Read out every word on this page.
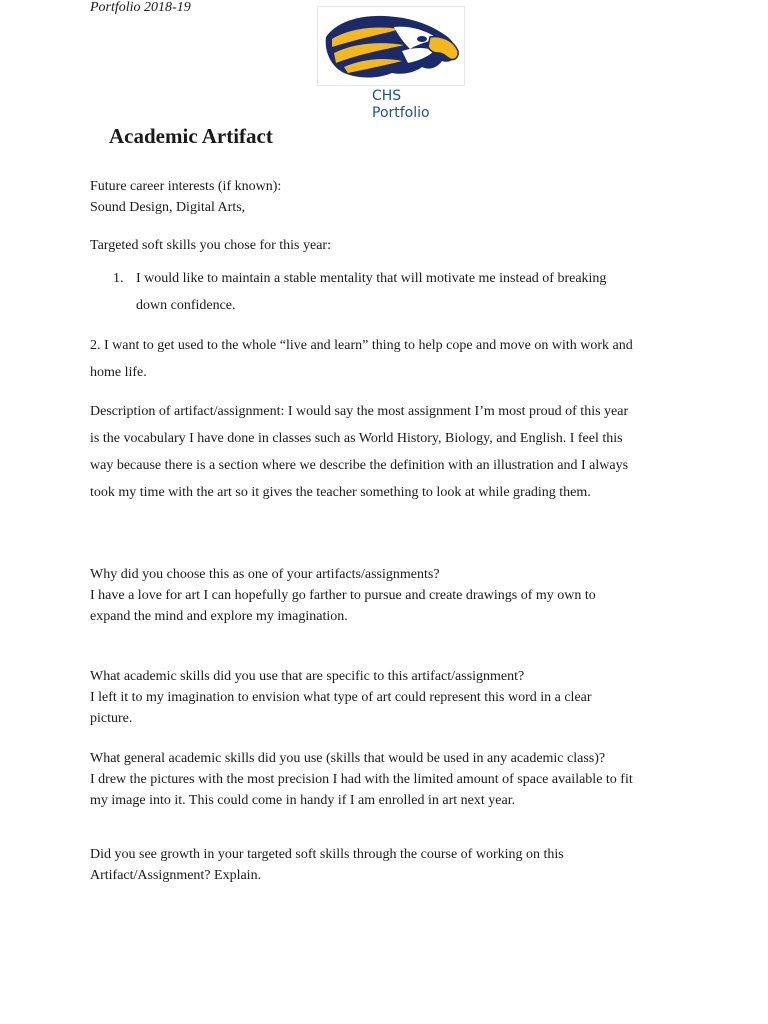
Portfolio 2018-19
CHS
Portfolio
Academic Artifact
Future career interests (if known):
Sound Design, Digital Arts,
Targeted soft skills you chose for this year:
1. I would like to maintain a stable mentality that will motivate me instead of breaking
down confidence.
2. I want to get used to the whole “live and learn” thing to help cope and move on with work and
home life.
Description of artifact/assignment: I would say the most assignment I’m most proud of this year
is the vocabulary I have done in classes such as World History, Biology, and English. I feel this
way because there is a section where we describe the definition with an illustration and I always
took my time with the art so it gives the teacher something to look at while grading them.
Why did you choose this as one of your artifacts/assignments?
I have a love for art I can hopefully go farther to pursue and create drawings of my own to
expand the mind and explore my imagination.
What academic skills did you use that are specific to this artifact/assignment?
I left it to my imagination to envision what type of art could represent this word in a clear
picture.
What general academic skills did you use (skills that would be used in any academic class)?
I drew the pictures with the most precision I had with the limited amount of space available to fit
my image into it. This could come in handy if I am enrolled in art next year.
Did you see growth in your targeted soft skills through the course of working on this
Artifact/Assignment? Explain.
